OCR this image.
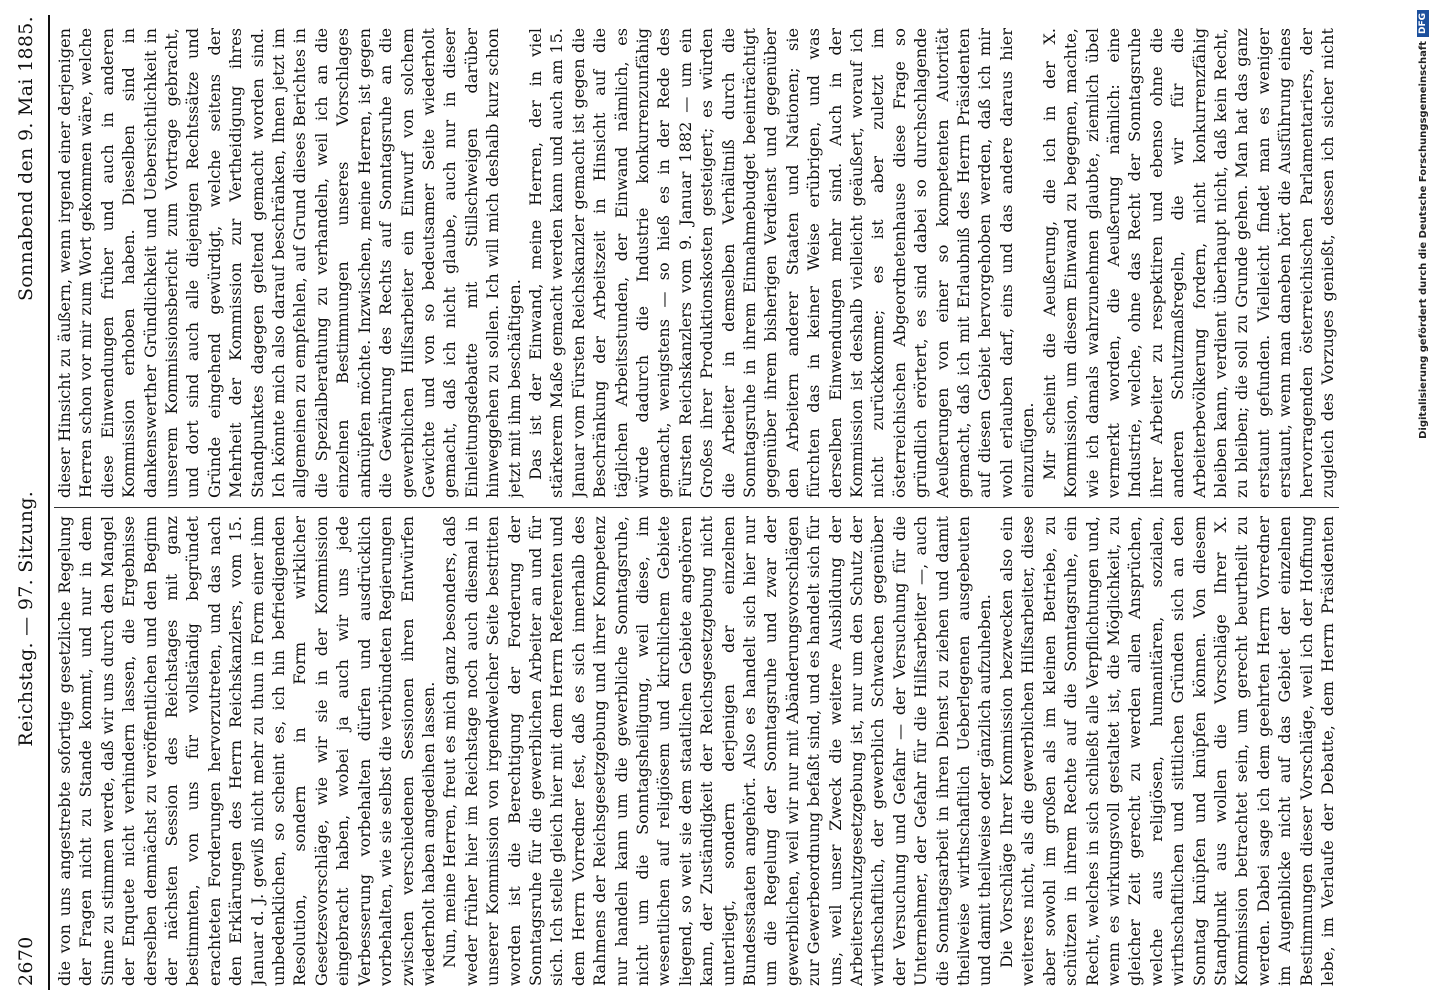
2670
Reichstag. — 97. Sitzung.
Sonnabend den 9. Mai 1885.

die von uns angestrebte sofortige gesetzliche Regelung der Fragen nicht zu Stande kommt, und nur in dem Sinne zu stimmen werde, daß wir uns durch den Mangel der Enquete nicht verhindern lassen, die Ergebnisse derselben demnächst zu veröffentlichen und den Beginn der nächsten Session des Reichstages mit ganz bestimmten, von uns für vollständig begründet erachteten Forderungen hervorzutreten, und das nach den Erklärungen des Herrn Reichskanzlers, vom 15. Januar d. J. gewiß nicht mehr zu thun in Form einer ihm unbedenklichen, so scheint es, ich hin befriedigenden Resolution, sondern in Form wirklicher Gesetzesvorschläge, wie wir sie in der Kommission eingebracht haben, wobei ja auch wir uns jede Verbesserung vorbehalten dürfen und ausdrücklich vorbehalten, wie sie selbst die verbündeten Regierungen zwischen verschiedenen Sessionen ihren Entwürfen wiederholt haben angedeihen lassen. Nun, meine Herren, freut es mich ganz besonders, daß weder früher hier im Reichstage noch auch diesmal in unserer Kommission von irgendwelcher Seite bestritten worden ist die Berechtigung der Forderung der Sonntagsruhe für die gewerblichen Arbeiter an und für sich. Ich stelle gleich hier mit dem Herrn Referenten und dem Herrn Vorredner fest, daß es sich innerhalb des Rahmens der Reichsgesetzgebung und ihrer Kompetenz nur handeln kann um die gewerbliche Sonntagsruhe, nicht um die Sonntagsheiligung, weil diese, im wesentlichen auf religiösem und kirchlichem Gebiete liegend, so weit sie dem staatlichen Gebiete angehören kann, der Zuständigkeit der Reichsgesetzgebung nicht unterliegt, sondern derjenigen der einzelnen Bundesstaaten angehört. Also es handelt sich hier nur um die Regelung der Sonntagsruhe und zwar der gewerblichen, weil wir nur mit Abänderungsvorschlägen zur Gewerbeordnung befaßt sind, und es handelt sich für uns, weil unser Zweck die weitere Ausbildung der Arbeiterschutzgesetzgebung ist, nur um den Schutz der wirthschaftlich, der gewerblich Schwachen gegenüber der Versuchung und Gefahr — der Versuchung für die Unternehmer, der Gefahr für die Hilfsarbeiter —, auch die Sonntagsarbeit in ihren Dienst zu ziehen und damit theilweise wirthschaftlich Ueberlegenen ausgebeuten und damit theilweise oder gänzlich aufzuheben. Die Vorschläge Ihrer Kommission bezwecken also ein weiteres nicht, als die gewerblichen Hilfsarbeiter, diese aber sowohl im großen als im kleinen Betriebe, zu schützen in ihrem Rechte auf die Sonntagsruhe, ein Recht, welches in sich schließt alle Verpflichtungen und, wenn es wirkungsvoll gestaltet ist, die Möglichkeit, zu gleicher Zeit gerecht zu werden allen Ansprüchen, welche aus religiösen, humanitären, sozialen, wirthschaftlichen und sittlichen Gründen sich an den Sonntag knüpfen und knüpfen können. Von diesem Standpunkt aus wollen die Vorschläge Ihrer X. Kommission betrachtet sein, um gerecht beurtheilt zu werden. Dabei sage ich dem geehrten Herrn Vorredner im Augenblicke nicht auf das Gebiet der einzelnen Bestimmungen dieser Vorschläge, weil ich der Hoffnung lebe, im Verlaufe der Debatte, dem Herrn Präsidenten

dieser Hinsicht zu äußern, wenn irgend einer derjenigen Herren schon vor mir zum Wort gekommen wäre, welche diese Einwendungen früher und auch in anderen Kommission erhoben haben. Dieselben sind in dankenswerther Gründlichkeit und Uebersichtlichkeit in unserem Kommissionsbericht zum Vortrage gebracht, und dort sind auch alle diejenigen Rechtssätze und Gründe eingehend gewürdigt, welche seitens der Mehrheit der Kommission zur Vertheidigung ihres Standpunktes dagegen geltend gemacht worden sind. Ich könnte mich also darauf beschränken, Ihnen jetzt im allgemeinen zu empfehlen, auf Grund dieses Berichtes in die Spezialberathung zu verhandeln, weil ich an die einzelnen Bestimmungen unseres Vorschlages anknüpfen möchte. Inzwischen, meine Herren, ist gegen die Gewährung des Rechts auf Sonntagsruhe an die gewerblichen Hilfsarbeiter ein Einwurf von solchem Gewichte und von so bedeutsamer Seite wiederholt gemacht, daß ich nicht glaube, auch nur in dieser Einleitungsdebatte mit Stillschweigen darüber hinweggehen zu sollen. Ich will mich deshalb kurz schon jetzt mit ihm beschäftigen. Das ist der Einwand, meine Herren, der in viel stärkerem Maße gemacht werden kann und auch am 15. Januar vom Fürsten Reichskanzler gemacht ist gegen die Beschränkung der Arbeitszeit in Hinsicht auf die täglichen Arbeitsstunden, der Einwand nämlich, es würde dadurch die Industrie konkurrenzunfähig gemacht, wenigstens — so hieß es in der Rede des Fürsten Reichskanzlers vom 9. Januar 1882 — um ein Großes ihrer Produktionskosten gesteigert; es würden die Arbeiter in demselben Verhältniß durch die Sonntagsruhe in ihrem Einnahmebudget beeinträchtigt gegenüber ihrem bisherigen Verdienst und gegenüber den Arbeitern anderer Staaten und Nationen; sie fürchten das in keiner Weise erübrigen, und was derselben Einwendungen mehr sind. Auch in der Kommission ist deshalb vielleicht geäußert, worauf ich nicht zurückkomme; es ist aber zuletzt im österreichischen Abgeordnetenhause diese Frage so gründlich erörtert, es sind dabei so durchschlagende Aeußerungen von einer so kompetenten Autorität gemacht, daß ich mit Erlaubniß des Herrn Präsidenten auf diesen Gebiet hervorgehoben werden, daß ich mir wohl erlauben darf, eins und das andere daraus hier einzufügen. Mir scheint die Aeußerung, die ich in der X. Kommission, um diesem Einwand zu begegnen, machte, wie ich damals wahrzunehmen glaubte, ziemlich übel vermerkt worden, die Aeußerung nämlich: eine Industrie, welche, ohne das Recht der Sonntagsruhe ihrer Arbeiter zu respektiren und ebenso ohne die anderen Schutzmaßregeln, die wir für die Arbeiterbevölkerung fordern, nicht konkurrenzfähig bleiben kann, verdient überhaupt nicht, daß kein Recht, zu bleiben; die soll zu Grunde gehen. Man hat das ganz erstaunt gefunden. Vielleicht findet man es weniger erstaunt, wenn man daneben hört die Ausführung eines hervorragenden österreichischen Parlamentariers, der zugleich des Vorzuges genießt, dessen ich sicher nicht	Digitalisierung gefördert durch die Deutsche Forschungsgemeinschaft
DFG
